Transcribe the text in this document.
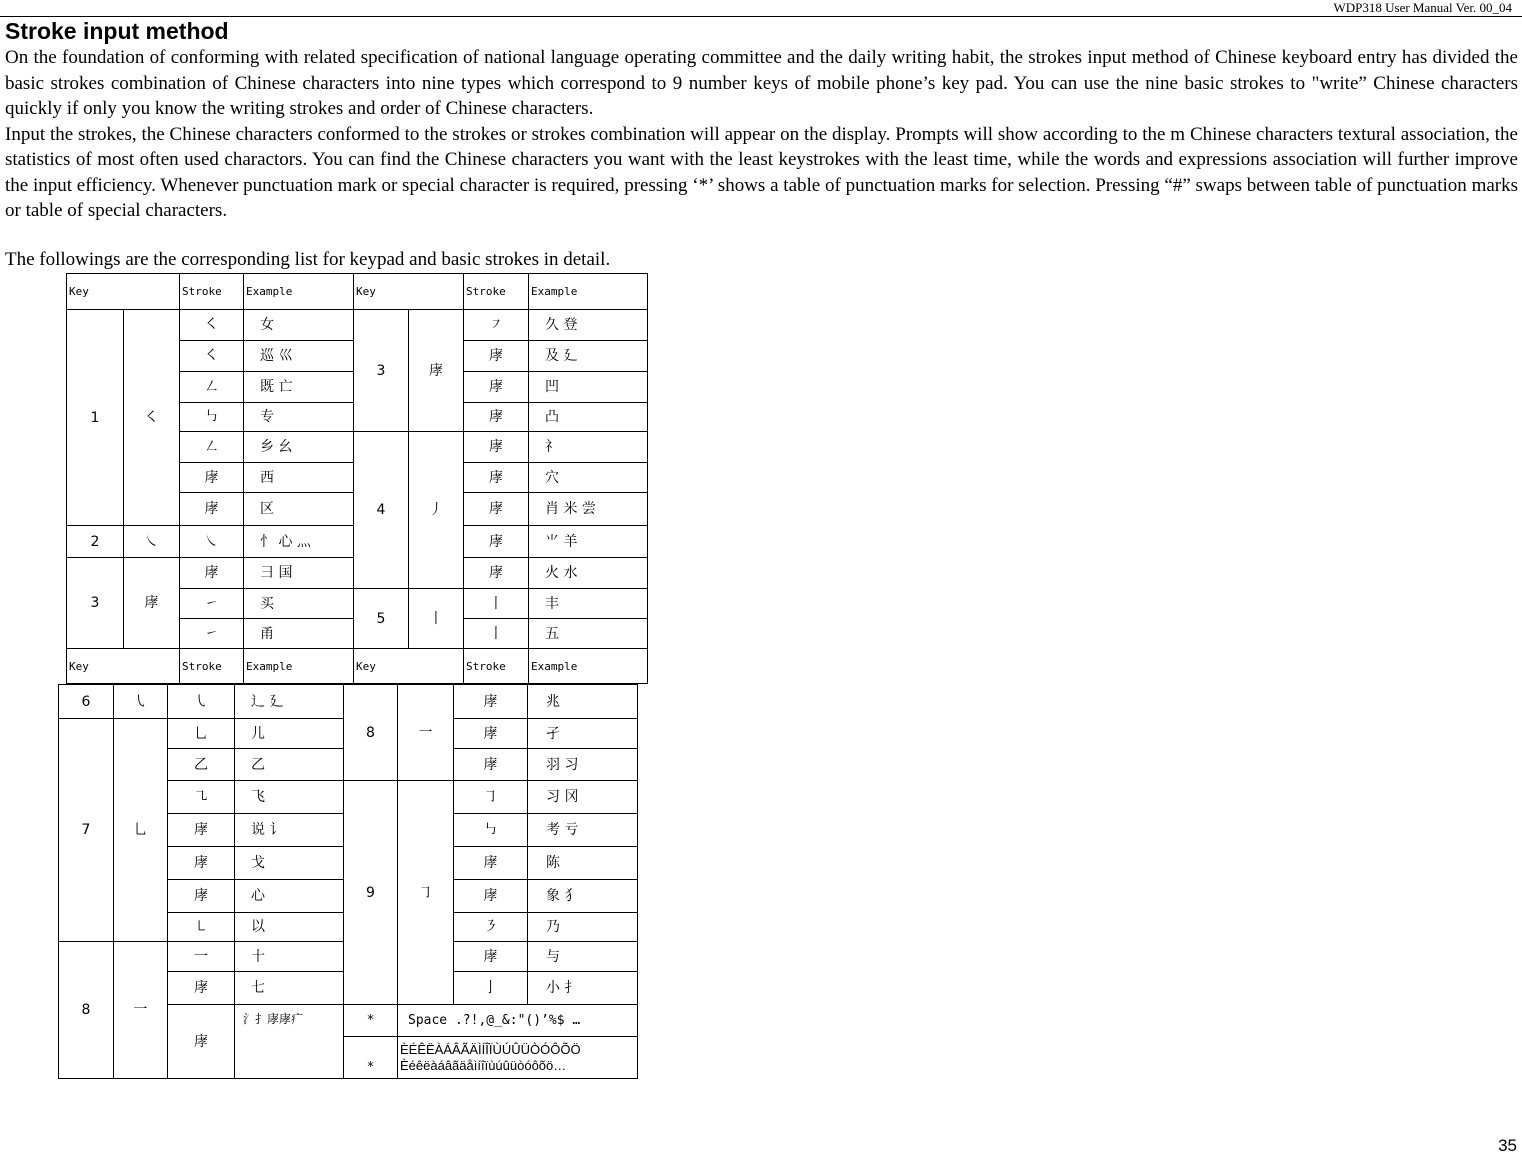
WDP318 User Manual Ver. 00_04
Stroke input method

On the foundation of conforming with related specification of national language operating committee and the daily writing habit, the strokes input method of Chinese keyboard entry has divided the basic strokes combination of Chinese characters into nine types which correspond to 9 number keys of mobile phone’s key pad. You can use the nine basic strokes to "write” Chinese characters quickly if only you know the writing strokes and order of Chinese characters.

Input the strokes, the Chinese characters conformed to the strokes or strokes combination will appear on the display. Prompts will show according to the m Chinese characters textural association, the statistics of most often used charactors. You can find the Chinese characters you want with the least keystrokes with the least time, while the words and expressions association will further improve the input efficiency. Whenever punctuation mark or special character is required, pressing ‘*’ shows a table of punctuation marks for selection. Pressing “#” swaps between table of punctuation marks or table of special characters.

The followings are the corresponding list for keypad and basic strokes in detail.

Key		Stroke	Example	Key		Stroke	Example
1	㇛	㇛	女	3	庨	㇇	久 登
		㇛	巡 巛			庨	及 廴
		㇜	既 亡			庨	凹
		㇉	专			庨	凸
		㇜	乡 幺	4	丿	庨	礻
		庨	西			庨	穴
		庨	区			庨	肖 米 尝
2	㇏	㇏	忄 心 灬			庨	⺌ 羊
3	庨	庨	彐 国			庨	火 水
		㇀	买	5	丨	丨	丰
		㇀	甬			丨	五
Key		Stroke	Example	Key		Stroke	Example
6	㇂	㇂	辶 廴	8	一	庨	兆
7	乚	乚	儿			庨	孑
		乙	乙			庨	羽 习
		㇈	飞	9	㇆	㇆	习 冈
		庨	说 讠			㇉	考 亏
		庨	戈			庨	陈
		庨	心			庨	象 犭
		㇄	以			㇋	乃
8	一	一	十			庨	与
		庨	七			亅	小 扌
		庨	氵扌庨庨疒	*	Space .?!,@_&:"()’%$ …		
				*	ÈÉÊËÀÁÂÃÄÌÍÎÏÙÚÛÜÒÓÔÕÖ Èéêëàáâãäåìíîïùúûüòóôõö…		
35
